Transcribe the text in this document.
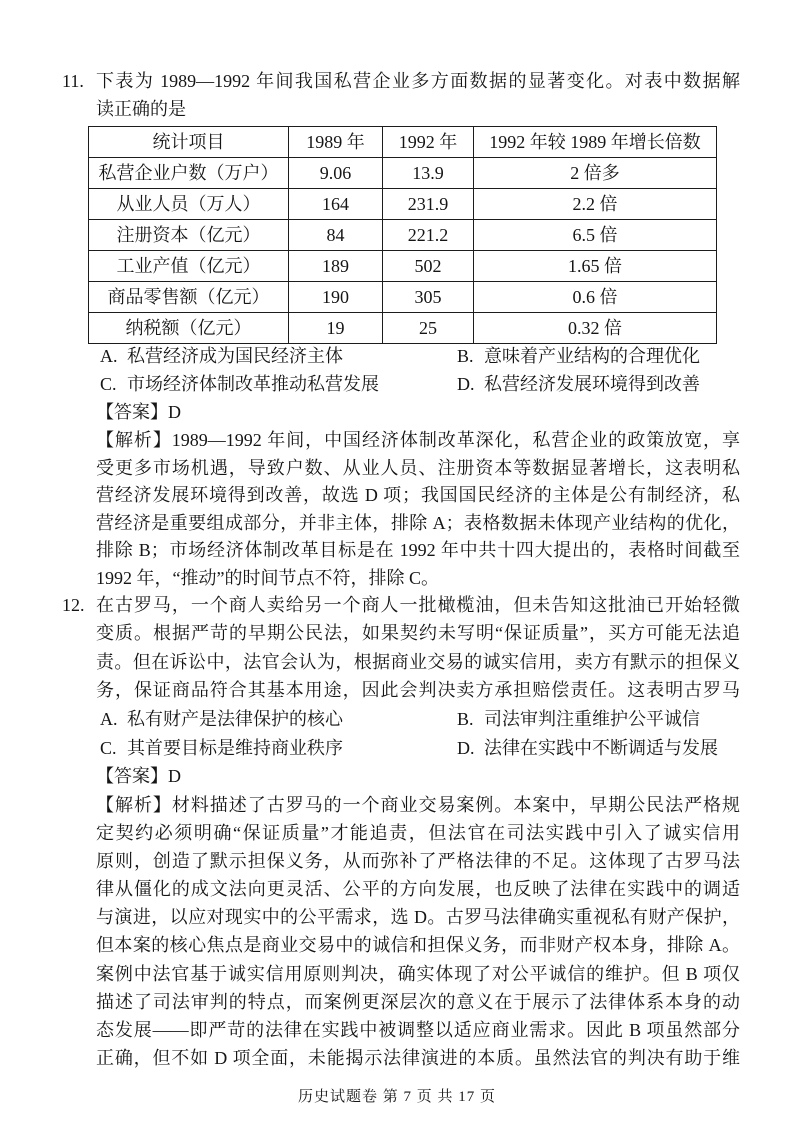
11. 下表为 1989—1992 年间我国私营企业多方面数据的显著变化。对表中数据解
读正确的是
统计项目	1989 年	1992 年	1992 年较 1989 年增长倍数
私营企业户数（万户）	9.06	13.9	2 倍多
从业人员（万人）	164	231.9	2.2 倍
注册资本（亿元）	84	221.2	6.5 倍
工业产值（亿元）	189	502	1.65 倍
商品零售额（亿元）	190	305	0.6 倍
纳税额（亿元）	19	25	0.32 倍
A. 私营经济成为国民经济主体	B. 意味着产业结构的合理优化
C. 市场经济体制改革推动私营发展	D. 私营经济发展环境得到改善
【答案】D
【解析】1989—1992 年间，中国经济体制改革深化，私营企业的政策放宽，享
受更多市场机遇，导致户数、从业人员、注册资本等数据显著增长，这表明私
营经济发展环境得到改善，故选 D 项；我国国民经济的主体是公有制经济，私
营经济是重要组成部分，并非主体，排除 A；表格数据未体现产业结构的优化，
排除 B；市场经济体制改革目标是在 1992 年中共十四大提出的，表格时间截至
1992 年，“推动”的时间节点不符，排除 C。
12. 在古罗马，一个商人卖给另一个商人一批橄榄油，但未告知这批油已开始轻微
变质。根据严苛的早期公民法，如果契约未写明“保证质量”，买方可能无法追
责。但在诉讼中，法官会认为，根据商业交易的诚实信用，卖方有默示的担保义
务，保证商品符合其基本用途，因此会判决卖方承担赔偿责任。这表明古罗马
A. 私有财产是法律保护的核心	B. 司法审判注重维护公平诚信
C. 其首要目标是维持商业秩序	D. 法律在实践中不断调适与发展
【答案】D
【解析】材料描述了古罗马的一个商业交易案例。本案中，早期公民法严格规
定契约必须明确“保证质量”才能追责，但法官在司法实践中引入了诚实信用
原则，创造了默示担保义务，从而弥补了严格法律的不足。这体现了古罗马法
律从僵化的成文法向更灵活、公平的方向发展，也反映了法律在实践中的调适
与演进，以应对现实中的公平需求，选 D。古罗马法律确实重视私有财产保护，
但本案的核心焦点是商业交易中的诚信和担保义务，而非财产权本身，排除 A。
案例中法官基于诚实信用原则判决，确实体现了对公平诚信的维护。但 B 项仅
描述了司法审判的特点，而案例更深层次的意义在于展示了法律体系本身的动
态发展——即严苛的法律在实践中被调整以适应商业需求。因此 B 项虽然部分
正确，但不如 D 项全面，未能揭示法律演进的本质。虽然法官的判决有助于维
历史试题卷 第 7 页 共 17 页
